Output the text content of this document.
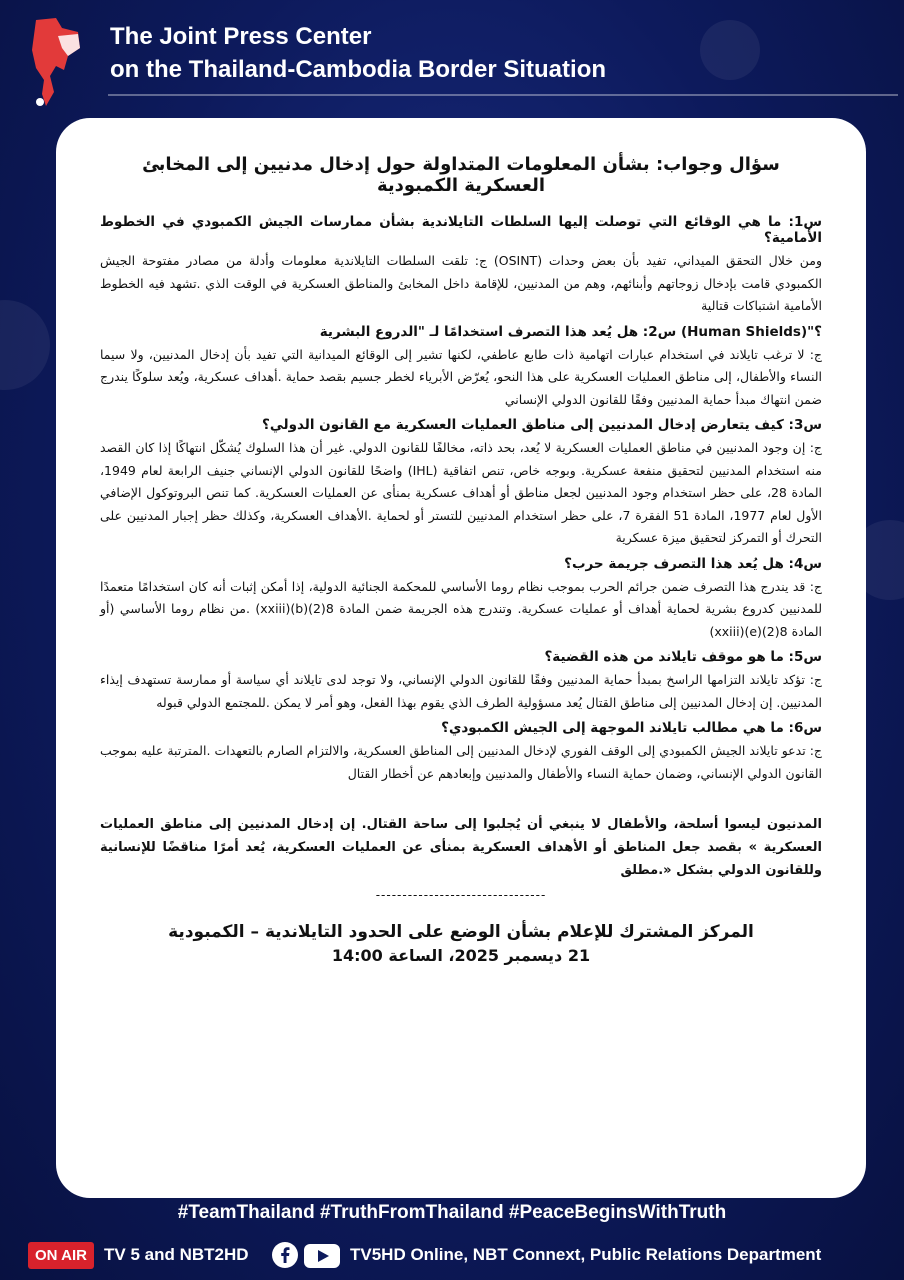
The Joint Press Center
on the Thailand-Cambodia Border Situation
سؤال وجواب: بشأن المعلومات المتداولة حول إدخال مدنيين إلى المخابئ العسكرية الكمبودية
س1: ما هي الوقائع التي توصلت إليها السلطات التايلاندية بشأن ممارسات الجيش الكمبودي في الخطوط الأمامية؟

ومن خلال التحقق الميداني، تفيد بأن بعض وحدات (OSINT) ج: تلقت السلطات التايلاندية معلومات وأدلة من مصادر مفتوحة الجيش الكمبودي قامت بإدخال زوجاتهم وأبنائهم، وهم من المدنيين، للإقامة داخل المخابئ والمناطق العسكرية في الوقت الذي .تشهد فيه الخطوط الأمامية اشتباكات قتالية

؟"(Human Shields) س2: هل يُعد هذا التصرف استخدامًا لـ "الدروع البشرية

ج: لا ترغب تايلاند في استخدام عبارات اتهامية ذات طابع عاطفي، لكنها تشير إلى الوقائع الميدانية التي تفيد بأن إدخال المدنيين، ولا سيما النساء والأطفال، إلى مناطق العمليات العسكرية على هذا النحو، يُعرّض الأبرياء لخطر جسيم بقصد حماية .أهداف عسكرية، ويُعد سلوكًا يندرج ضمن انتهاك مبدأ حماية المدنيين وفقًا للقانون الدولي الإنساني

س3: كيف يتعارض إدخال المدنيين إلى مناطق العمليات العسكرية مع القانون الدولي؟

ج: إن وجود المدنيين في مناطق العمليات العسكرية لا يُعد، بحد ذاته، مخالفًا للقانون الدولي. غير أن هذا السلوك يُشكّل انتهاكًا إذا كان القصد منه استخدام المدنيين لتحقيق منفعة عسكرية. وبوجه خاص، تنص اتفاقية (IHL) واضحًا للقانون الدولي الإنساني جنيف الرابعة لعام 1949، المادة 28، على حظر استخدام وجود المدنيين لجعل مناطق أو أهداف عسكرية بمنأى عن العمليات العسكرية. كما تنص البروتوكول الإضافي الأول لعام 1977، المادة 51 الفقرة 7، على حظر استخدام المدنيين للتستر أو لحماية .الأهداف العسكرية، وكذلك حظر إجبار المدنيين على التحرك أو التمركز لتحقيق ميزة عسكرية

س4: هل يُعد هذا التصرف جريمة حرب؟

ج: قد يندرج هذا التصرف ضمن جرائم الحرب بموجب نظام روما الأساسي للمحكمة الجنائية الدولية، إذا أمكن إثبات أنه كان استخدامًا متعمدًا للمدنيين كدروع بشرية لحماية أهداف أو عمليات عسكرية. وتندرج هذه الجريمة ضمن المادة 8(2)(b)(xxiii) .من نظام روما الأساسي (أو المادة 8(2)(e)(xxiii)

س5: ما هو موقف تايلاند من هذه القضية؟

ج: تؤكد تايلاند التزامها الراسخ بمبدأ حماية المدنيين وفقًا للقانون الدولي الإنساني، ولا توجد لدى تايلاند أي سياسة أو ممارسة تستهدف إيذاء المدنيين. إن إدخال المدنيين إلى مناطق القتال يُعد مسؤولية الطرف الذي يقوم بهذا الفعل، وهو أمر لا يمكن .للمجتمع الدولي قبوله

س6: ما هي مطالب تايلاند الموجهة إلى الجيش الكمبودي؟

ج: تدعو تايلاند الجيش الكمبودي إلى الوقف الفوري لإدخال المدنيين إلى المناطق العسكرية، والالتزام الصارم بالتعهدات .المترتبة عليه بموجب القانون الدولي الإنساني، وضمان حماية النساء والأطفال والمدنيين وإبعادهم عن أخطار القتال

المدنيون ليسوا أسلحة، والأطفال لا ينبغي أن يُجلبوا إلى ساحة القتال. إن إدخال المدنيين إلى مناطق العمليات العسكرية » بقصد جعل المناطق أو الأهداف العسكرية بمنأى عن العمليات العسكرية، يُعد أمرًا مناقضًا للإنسانية وللقانون الدولي بشكل «.مطلق
--------------------------------
المركز المشترك للإعلام بشأن الوضع على الحدود التايلاندية – الكمبودية
21 ديسمبر 2025، الساعة 14:00
#TeamThailand #TruthFromThailand #PeaceBeginsWithTruth
ON AIR	TV 5 and NBT2HD	TV5HD Online, NBT Connext, Public Relations Department
